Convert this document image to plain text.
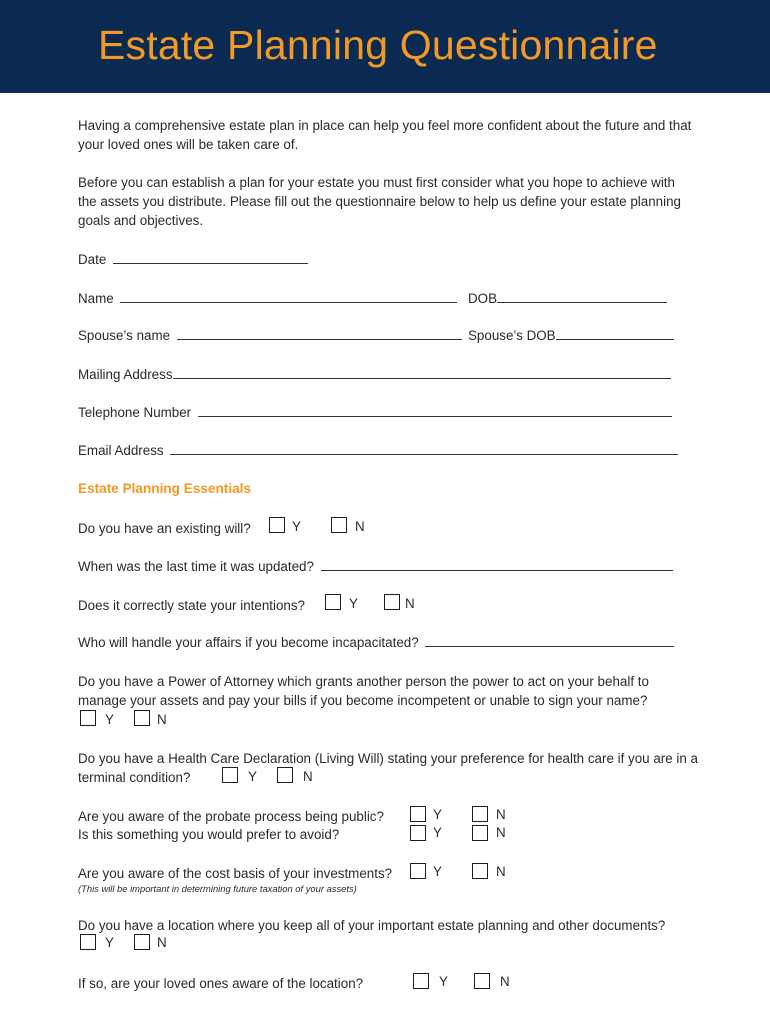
Estate Planning Questionnaire
Having a comprehensive estate plan in place can help you feel more confident about the future and that
your loved ones will be taken care of.
Before you can establish a plan for your estate you must first consider what you hope to achieve with
the assets you distribute. Please fill out the questionnaire below to help us define your estate planning
goals and objectives.
Date
Name	DOB
Spouse’s name	Spouse’s DOB
Mailing Address
Telephone Number
Email Address
Estate Planning Essentials
Do you have an existing will?	Y	N
When was the last time it was updated?
Does it correctly state your intentions?	Y	N
Who will handle your affairs if you become incapacitated?
Do you have a Power of Attorney which grants another person the power to act on your behalf to
manage your assets and pay your bills if you become incompetent or unable to sign your name?
Y	N
Do you have a Health Care Declaration (Living Will) stating your preference for health care if you are in a
terminal condition?	Y	N
Are you aware of the probate process being public?	Y	N
Is this something you would prefer to avoid?	Y	N
Are you aware of the cost basis of your investments?	Y	N
(This will be important in determining future taxation of your assets)
Do you have a location where you keep all of your important estate planning and other documents?
Y	N
If so, are your loved ones aware of the location?	Y	N
